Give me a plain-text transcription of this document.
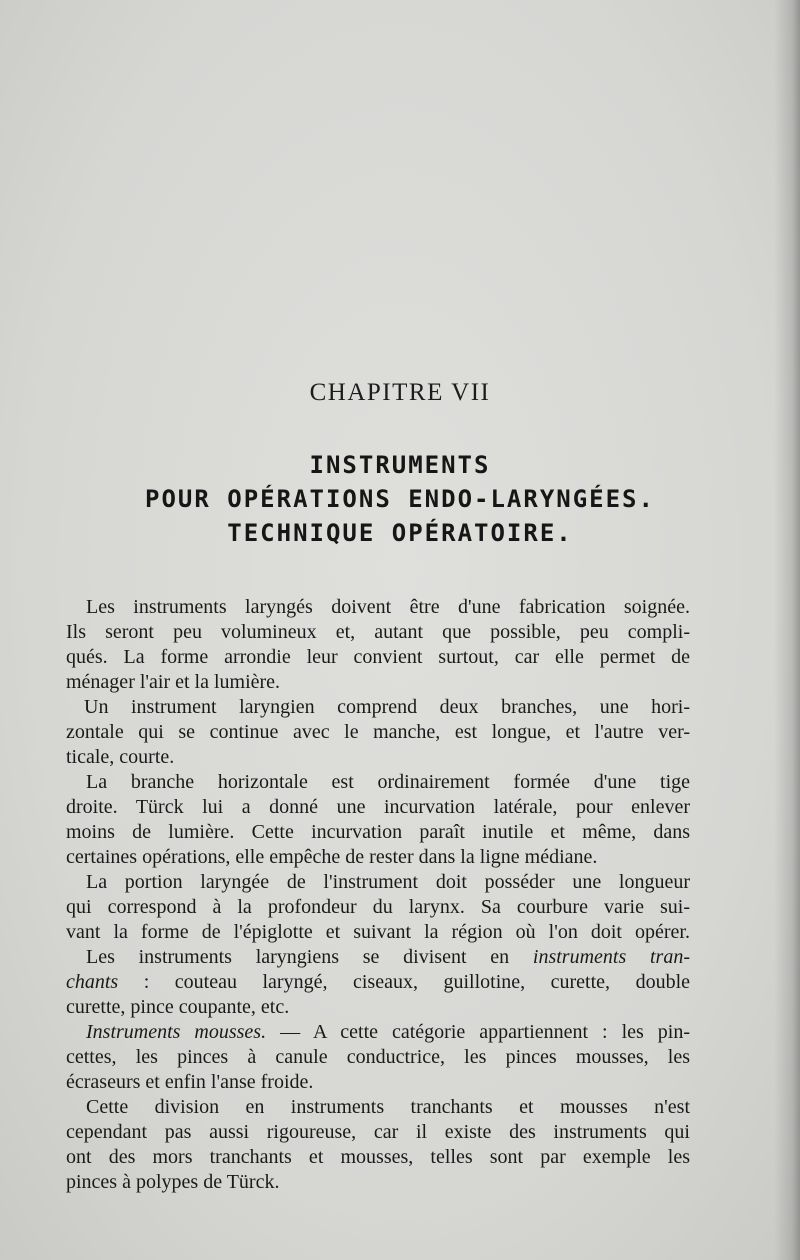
CHAPITRE VII
INSTRUMENTS
POUR OPÉRATIONS ENDO-LARYNGÉES.
TECHNIQUE OPÉRATOIRE.
Les instruments laryngés doivent être d'une fabrication soignée.
Ils seront peu volumineux et, autant que possible, peu compli-
qués. La forme arrondie leur convient surtout, car elle permet de
ménager l'air et la lumière.
Un instrument laryngien comprend deux branches, une hori-
zontale qui se continue avec le manche, est longue, et l'autre ver-
ticale, courte.
La branche horizontale est ordinairement formée d'une tige
droite. Türck lui a donné une incurvation latérale, pour enlever
moins de lumière. Cette incurvation paraît inutile et même, dans
certaines opérations, elle empêche de rester dans la ligne médiane.
La portion laryngée de l'instrument doit posséder une longueur
qui correspond à la profondeur du larynx. Sa courbure varie sui-
vant la forme de l'épiglotte et suivant la région où l'on doit opérer.
Les instruments laryngiens se divisent en instruments tran-
chants : couteau laryngé, ciseaux, guillotine, curette, double
curette, pince coupante, etc.
Instruments mousses. — A cette catégorie appartiennent : les pin-
cettes, les pinces à canule conductrice, les pinces mousses, les
écraseurs et enfin l'anse froide.
Cette division en instruments tranchants et mousses n'est
cependant pas aussi rigoureuse, car il existe des instruments qui
ont des mors tranchants et mousses, telles sont par exemple les
pinces à polypes de Türck.
